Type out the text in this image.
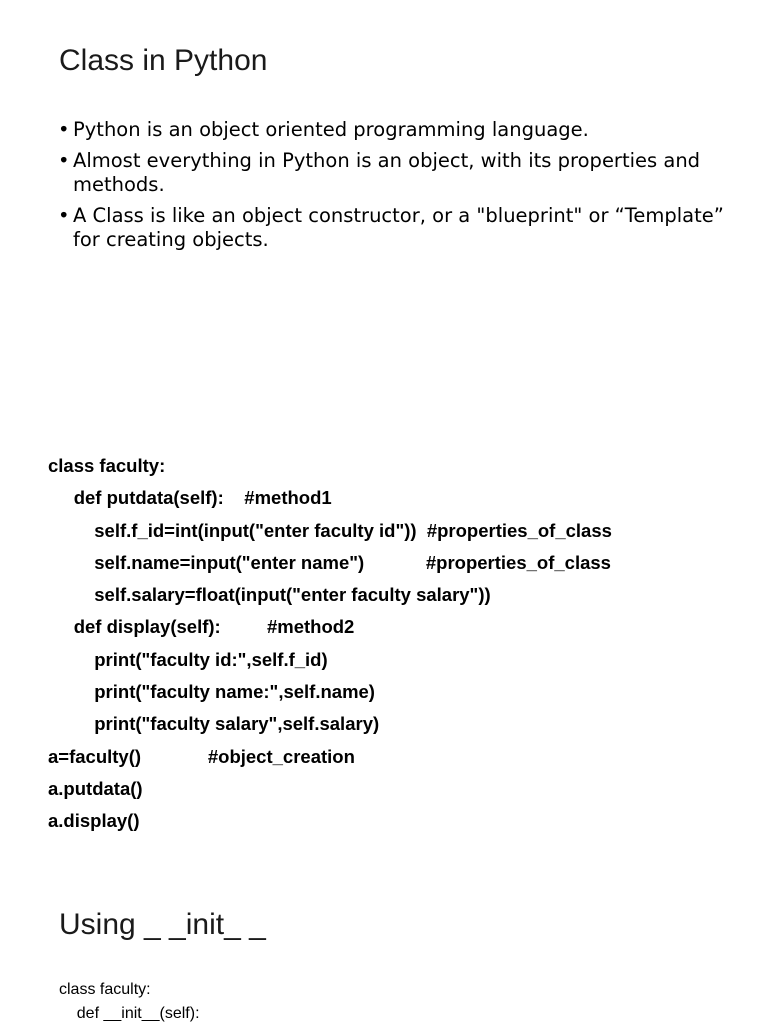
Class in Python
• Python is an object oriented programming language.
• Almost everything in Python is an object, with its properties and methods.
• A Class is like an object constructor, or a "blueprint" or “Template” for creating objects.
class faculty:
def putdata(self):    #method1
self.f_id=int(input("enter faculty id"))  #properties_of_class
self.name=input("enter name")            #properties_of_class
self.salary=float(input("enter faculty salary"))
def display(self):         #method2
print("faculty id:",self.f_id)
print("faculty name:",self.name)
print("faculty salary",self.salary)
a=faculty()             #object_creation
a.putdata()
a.display()
Using _ _init_ _
class faculty:
def __init__(self):
